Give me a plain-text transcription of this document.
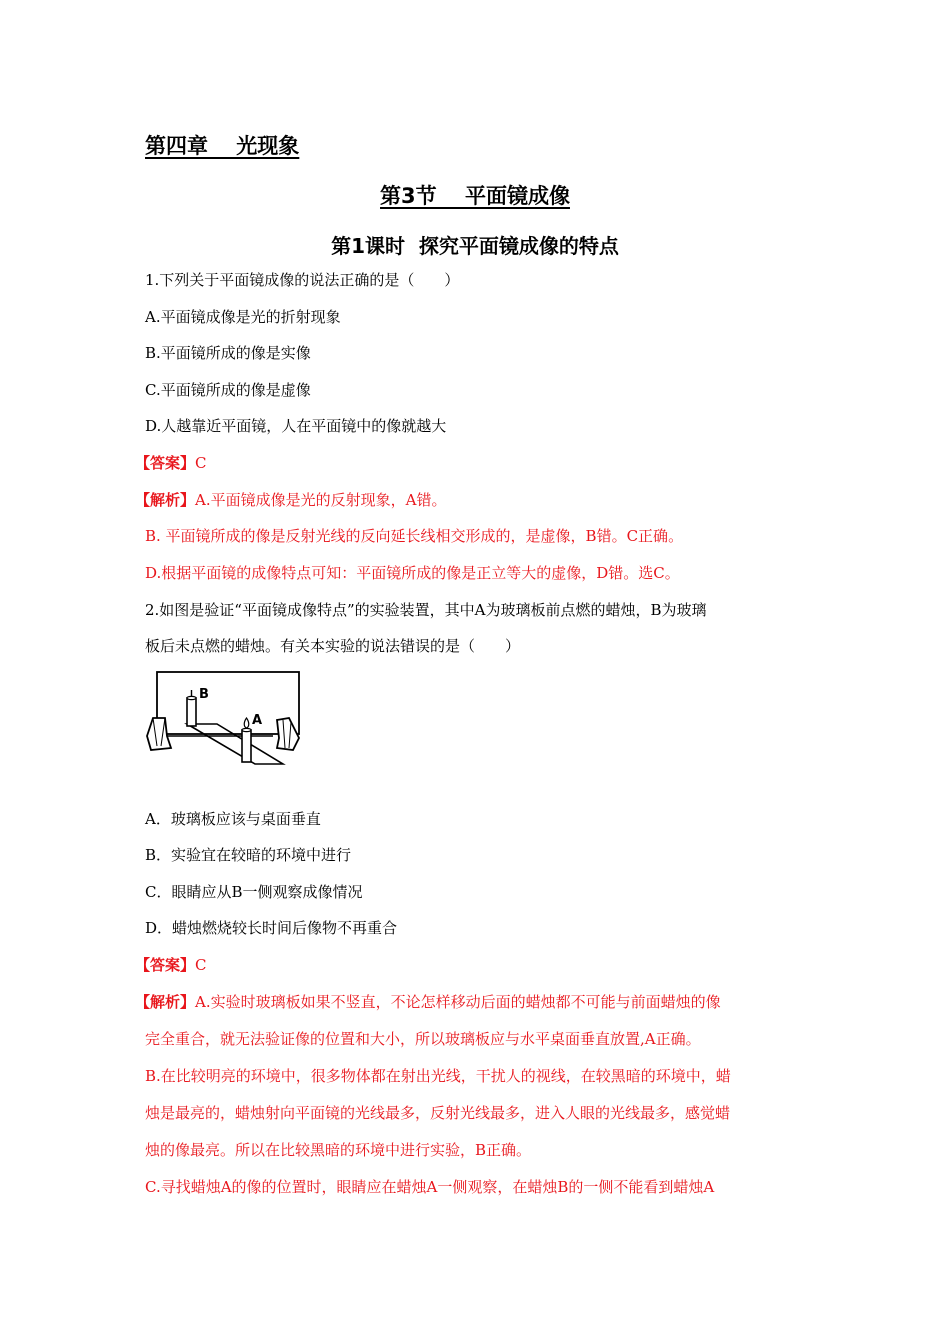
第四章　 光现象
第3节　 平面镜成像
第1课时  探究平面镜成像的特点
1.下列关于平面镜成像的说法正确的是（　　）
A.平面镜成像是光的折射现象
B.平面镜所成的像是实像
C.平面镜所成的像是虚像
D.人越靠近平面镜，人在平面镜中的像就越大
【答案】C
【解析】A.平面镜成像是光的反射现象，A错。
B. 平面镜所成的像是反射光线的反向延长线相交形成的，是虚像，B错。C正确。
D.根据平面镜的成像特点可知：平面镜所成的像是正立等大的虚像，D错。选C。
2.如图是验证“平面镜成像特点”的实验装置，其中A为玻璃板前点燃的蜡烛，B为玻璃
板后未点燃的蜡烛。有关本实验的说法错误的是（　　）
B
A
A．玻璃板应该与桌面垂直
B．实验宜在较暗的环境中进行
C．眼睛应从B一侧观察成像情况
D．蜡烛燃烧较长时间后像物不再重合
【答案】C
【解析】A.实验时玻璃板如果不竖直，不论怎样移动后面的蜡烛都不可能与前面蜡烛的像
完全重合，就无法验证像的位置和大小，所以玻璃板应与水平桌面垂直放置,A正确。
B.在比较明亮的环境中，很多物体都在射出光线，干扰人的视线，在较黑暗的环境中，蜡
烛是最亮的，蜡烛射向平面镜的光线最多，反射光线最多，进入人眼的光线最多，感觉蜡
烛的像最亮。所以在比较黑暗的环境中进行实验，B正确。
C.寻找蜡烛A的像的位置时，眼睛应在蜡烛A一侧观察，在蜡烛B的一侧不能看到蜡烛A
